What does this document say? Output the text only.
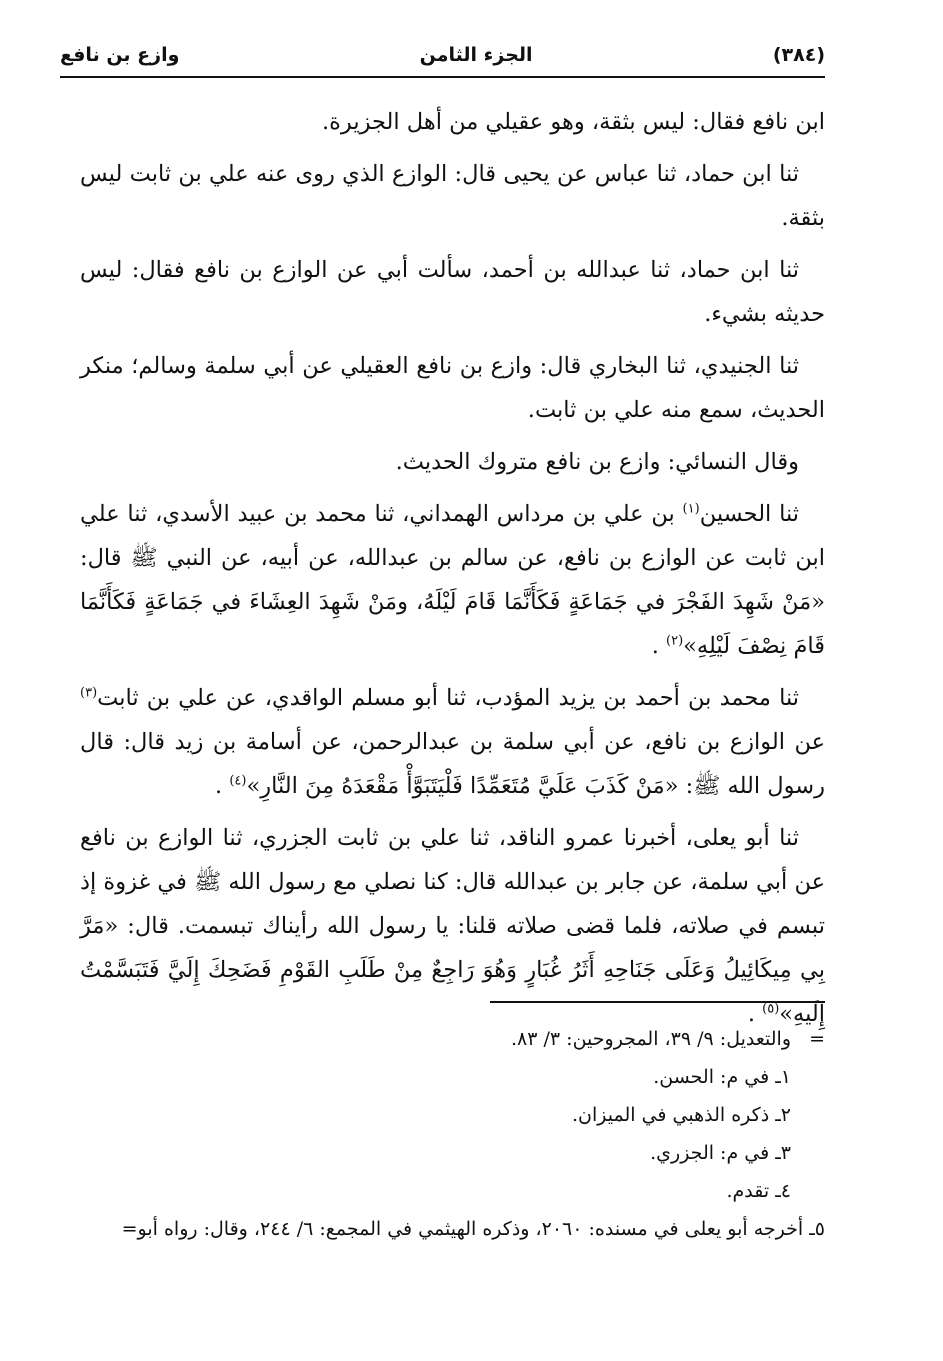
(٣٨٤)
الجزء الثامن
وازع بن نافع

ابن نافع فقال: ليس بثقة، وهو عقيلي من أهل الجزيرة.

ثنا ابن حماد، ثنا عباس عن يحيى قال: الوازع الذي روى عنه علي بن ثابت ليس بثقة.

ثنا ابن حماد، ثنا عبدالله بن أحمد، سألت أبي عن الوازع بن نافع فقال: ليس حديثه بشيء.

ثنا الجنيدي، ثنا البخاري قال: وازع بن نافع العقيلي عن أبي سلمة وسالم؛ منكر الحديث، سمع منه علي بن ثابت.

وقال النسائي: وازع بن نافع متروك الحديث.

ثنا الحسين$^{(١)}$ بن علي بن مرداس الهمداني، ثنا محمد بن عبيد الأسدي، ثنا علي ابن ثابت عن الوازع بن نافع، عن سالم بن عبدالله، عن أبيه، عن النبي ﷺ قال: «مَنْ شَهِدَ الفَجْرَ في جَمَاعَةٍ فَكَأَنَّمَا قَامَ لَيْلَهُ، ومَنْ شَهِدَ العِشَاءَ في جَمَاعَةٍ فَكَأَنَّمَا قَامَ نِصْفَ لَيْلِهِ»$^{(٢)}$ .

ثنا محمد بن أحمد بن يزيد المؤدب، ثنا أبو مسلم الواقدي، عن علي بن ثابت$^{(٣)}$ عن الوازع بن نافع، عن أبي سلمة بن عبدالرحمن، عن أسامة بن زيد قال: قال رسول الله ﷺ: «مَنْ كَذَبَ عَلَيَّ مُتَعَمِّدًا فَلْيَتَبَوَّأْ مَقْعَدَهُ مِنَ النَّارِ»$^{(٤)}$ .

ثنا أبو يعلى، أخبرنا عمرو الناقد، ثنا علي بن ثابت الجزري، ثنا الوازع بن نافع عن أبي سلمة، عن جابر بن عبدالله قال: كنا نصلي مع رسول الله ﷺ في غزوة إذ تبسم في صلاته، فلما قضى صلاته قلنا: يا رسول الله رأيناك تبسمت. قال: «مَرَّ بِي مِيكَائِيلُ وَعَلَى جَنَاحِهِ أَثَرُ غُبَارٍ وَهُوَ رَاجِعٌ مِنْ طَلَبِ القَوْمِ فَضَحِكَ إِلَيَّ فَتَبَسَّمْتُ إِلَيهِ»$^{(٥)}$ .

=
والتعديل: ٩/ ٣٩، المجروحين: ٣/ ٨٣.
١ـ في م: الحسن.
٢ـ ذكره الذهبي في الميزان.
٣ـ في م: الجزري.
٤ـ تقدم.
٥ـ أخرجه أبو يعلى في مسنده: ٢٠٦٠، وذكره الهيثمي في المجمع: ٦/ ٢٤٤، وقال: رواه أبو=
